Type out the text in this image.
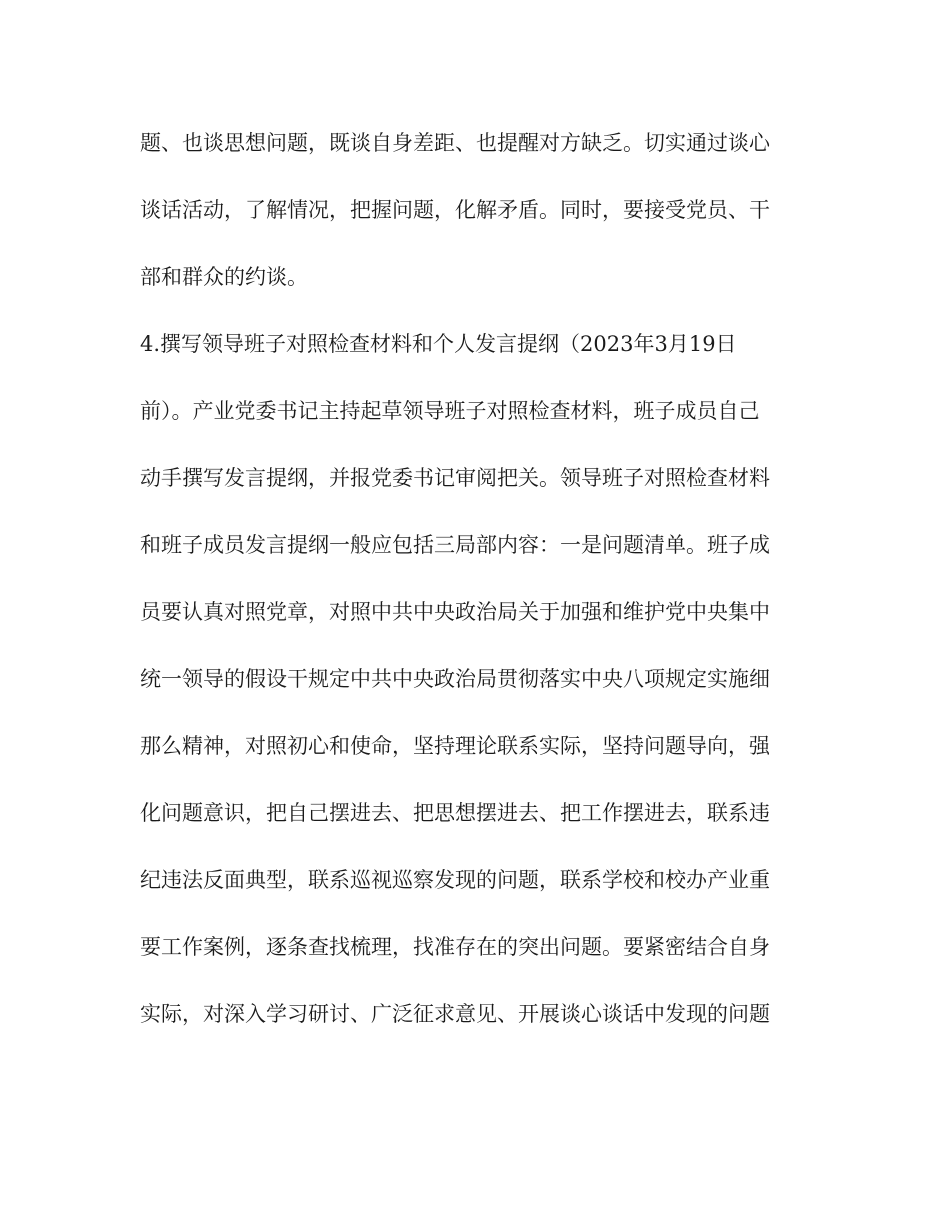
题、也谈思想问题，既谈自身差距、也提醒对方缺乏。切实通过谈心
谈话活动，了解情况，把握问题，化解矛盾。同时，要接受党员、干
部和群众的约谈。
4.撰写领导班子对照检查材料和个人发言提纲（2023年3月19日
前）。产业党委书记主持起草领导班子对照检查材料，班子成员自己
动手撰写发言提纲，并报党委书记审阅把关。领导班子对照检查材料
和班子成员发言提纲一般应包括三局部内容：一是问题清单。班子成
员要认真对照党章，对照中共中央政治局关于加强和维护党中央集中
统一领导的假设干规定中共中央政治局贯彻落实中央八项规定实施细
那么精神，对照初心和使命，坚持理论联系实际，坚持问题导向，强
化问题意识，把自己摆进去、把思想摆进去、把工作摆进去，联系违
纪违法反面典型，联系巡视巡察发现的问题，联系学校和校办产业重
要工作案例，逐条查找梳理，找准存在的突出问题。要紧密结合自身
实际，对深入学习研讨、广泛征求意见、开展谈心谈话中发现的问题
